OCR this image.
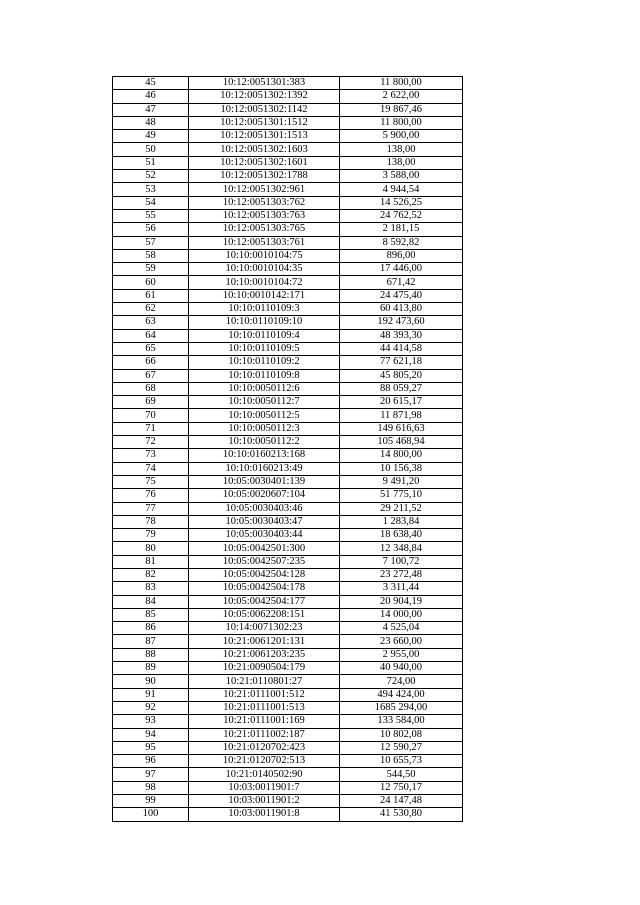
45	10:12:0051301:383	11 800,00
46	10:12:0051302:1392	2 622,00
47	10:12:0051302:1142	19 867,46
48	10:12:0051301:1512	11 800,00
49	10:12:0051301:1513	5 900,00
50	10:12:0051302:1603	138,00
51	10:12:0051302:1601	138,00
52	10:12:0051302:1788	3 588,00
53	10:12:0051302:961	4 944,54
54	10:12:0051303:762	14 526,25
55	10:12:0051303:763	24 762,52
56	10:12:0051303:765	2 181,15
57	10:12:0051303:761	8 592,82
58	10:10:0010104:75	896,00
59	10:10:0010104:35	17 446,00
60	10:10:0010104:72	671,42
61	10:10:0010142:171	24 475,40
62	10:10:0110109:3	60 413,80
63	10:10:0110109:10	192 473,60
64	10:10:0110109:4	48 393,30
65	10:10:0110109:5	44 414,58
66	10:10:0110109:2	77 621,18
67	10:10:0110109:8	45 805,20
68	10:10:0050112:6	88 059,27
69	10:10:0050112:7	20 615,17
70	10:10:0050112:5	11 871,98
71	10:10:0050112:3	149 616,63
72	10:10:0050112:2	105 468,94
73	10:10:0160213:168	14 800,00
74	10:10:0160213:49	10 156,38
75	10:05:0030401:139	9 491,20
76	10:05:0020607:104	51 775,10
77	10:05:0030403:46	29 211,52
78	10:05:0030403:47	1 283,84
79	10:05:0030403:44	18 638,40
80	10:05:0042501:300	12 348,84
81	10:05:0042507:235	7 100,72
82	10:05:0042504:128	23 272,48
83	10:05:0042504:178	3 311,44
84	10:05:0042504:177	20 904,19
85	10:05:0062208:151	14 000,00
86	10:14:0071302:23	4 525,04
87	10:21:0061201:131	23 660,00
88	10:21:0061203:235	2 955,00
89	10:21:0090504:179	40 940,00
90	10:21:0110801:27	724,00
91	10:21:0111001:512	494 424,00
92	10:21:0111001:513	1685 294,00
93	10:21:0111001:169	133 584,00
94	10:21:0111002:187	10 802,08
95	10:21:0120702:423	12 590,27
96	10:21:0120702:513	10 655,73
97	10:21:0140502:90	544,50
98	10:03:0011901:7	12 750,17
99	10:03:0011901:2	24 147,48
100	10:03:0011901:8	41 530,80
